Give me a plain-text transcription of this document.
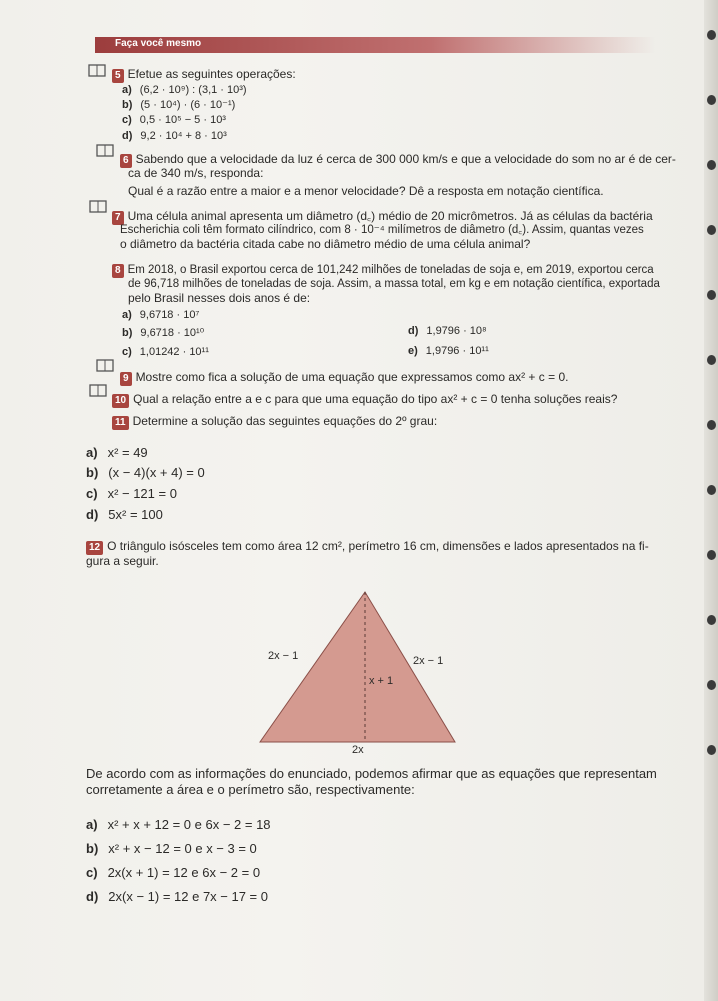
Faça você mesmo
5 Efetue as seguintes operações:
a) (6,2 · 10⁹) : (3,1 · 10³)
b) (5 · 10⁴) · (6 · 10⁻¹)
c) 0,5 · 10⁵ − 5 · 10³
d) 9,2 · 10⁴ + 8 · 10³
6 Sabendo que a velocidade da luz é cerca de 300 000 km/s e que a velocidade do som no ar é de cer-
ca de 340 m/s, responda:
Qual é a razão entre a maior e a menor velocidade? Dê a resposta em notação científica.
7 Uma célula animal apresenta um diâmetro (d꜀) médio de 20 micrômetros. Já as células da bactéria
Escherichia coli têm formato cilíndrico, com 8 · 10⁻⁴ milímetros de diâmetro (d꜀). Assim, quantas vezes
o diâmetro da bactéria citada cabe no diâmetro médio de uma célula animal?
8 Em 2018, o Brasil exportou cerca de 101,242 milhões de toneladas de soja e, em 2019, exportou cerca
de 96,718 milhões de toneladas de soja. Assim, a massa total, em kg e em notação científica, exportada
pelo Brasil nesses dois anos é de:
a) 9,6718 · 10⁷
b) 9,6718 · 10¹⁰
c) 1,01242 · 10¹¹
d) 1,9796 · 10⁸
e) 1,9796 · 10¹¹
9 Mostre como fica a solução de uma equação que expressamos como ax² + c = 0.
10 Qual a relação entre a e c para que uma equação do tipo ax² + c = 0 tenha soluções reais?
11 Determine a solução das seguintes equações do 2º grau:
a) x² = 49
b) (x − 4)(x + 4) = 0
c) x² − 121 = 0
d) 5x² = 100
12 O triângulo isósceles tem como área 12 cm², perímetro 16 cm, dimensões e lados apresentados na fi-
gura a seguir.
2x − 1	2x − 1
x + 1
2x
De acordo com as informações do enunciado, podemos afirmar que as equações que representam
corretamente a área e o perímetro são, respectivamente:
a) x² + x + 12 = 0 e 6x − 2 = 18
b) x² + x − 12 = 0 e x − 3 = 0
c) 2x(x + 1) = 12 e 6x − 2 = 0
d) 2x(x − 1) = 12 e 7x − 17 = 0
